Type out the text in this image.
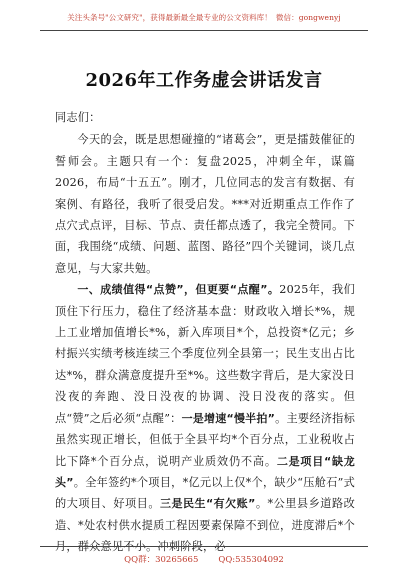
关注头条号"公文研究"，获得最新最全最专业的公文资料库！ 微信：gongwenyj
2026年工作务虚会讲话发言

同志们：

今天的会，既是思想碰撞的“诸葛会”，更是擂鼓催征的誓师会。主题只有一个：复盘2025，冲刺全年，谋篇2026，布局“十五五”。刚才，几位同志的发言有数据、有案例、有路径，我听了很受启发。***对近期重点工作作了点穴式点评，目标、节点、责任都点透了，我完全赞同。下面，我围绕“成绩、问题、蓝图、路径”四个关键词，谈几点意见，与大家共勉。

一、成绩值得“点赞”，但更要“点醒”。2025年，我们顶住下行压力，稳住了经济基本盘：财政收入增长*%，规上工业增加值增长*%，新入库项目*个，总投资*亿元；乡村振兴实绩考核连续三个季度位列全县第一；民生支出占比达*%，群众满意度提升至*%。这些数字背后，是大家没日没夜的奔跑、没日没夜的协调、没日没夜的落实。但点“赞”之后必须“点醒”：一是增速“慢半拍”。主要经济指标虽然实现正增长，但低于全县平均*个百分点，工业税收占比下降*个百分点，说明产业质效仍不高。二是项目“缺龙头”。全年签约*个项目，*亿元以上仅*个，缺少“压舱石”式的大项目、好项目。三是民生“有欠账”。*公里县乡道路改造、*处农村供水提质工程因要素保障不到位，进度滞后*个月，群众意见不小。冲刺阶段，必

QQ群：30265665 QQ:535304092
